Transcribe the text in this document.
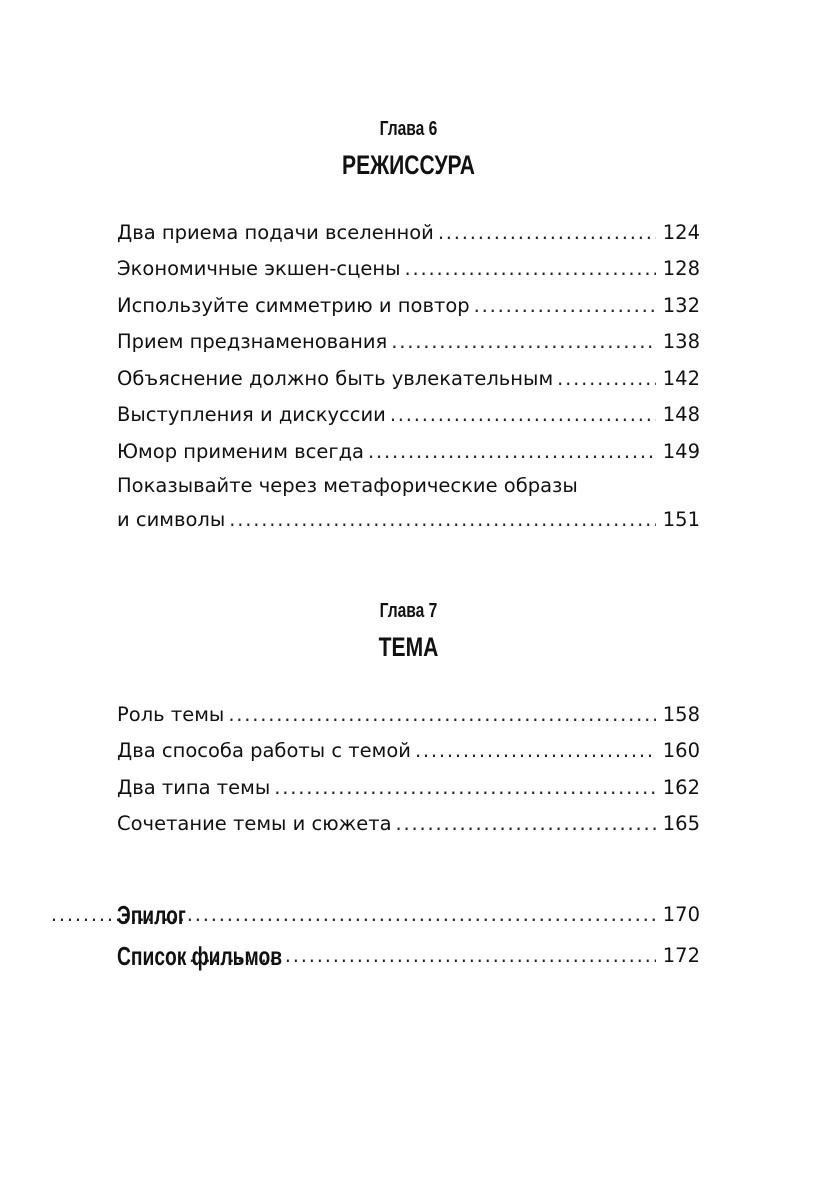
Глава 6
РЕЖИССУРА
Два приема подачи вселенной . . .	124
Экономичные экшен-сцены . . .	128
Используйте симметрию и повтор . . .	132
Прием предзнаменования . . .	138
Объяснение должно быть увлекательным . . .	142
Выступления и дискуссии . . .	148
Юмор применим всегда . . .	149
Показывайте через метафорические образы
и символы . . .	151
Глава 7
ТЕМА
Роль темы . . .	158
Два способа работы с темой . . .	160
Два типа темы . . .	162
Сочетание темы и сюжета . . .	165
Эпилог . . .	170
Список фильмов . . .	172
